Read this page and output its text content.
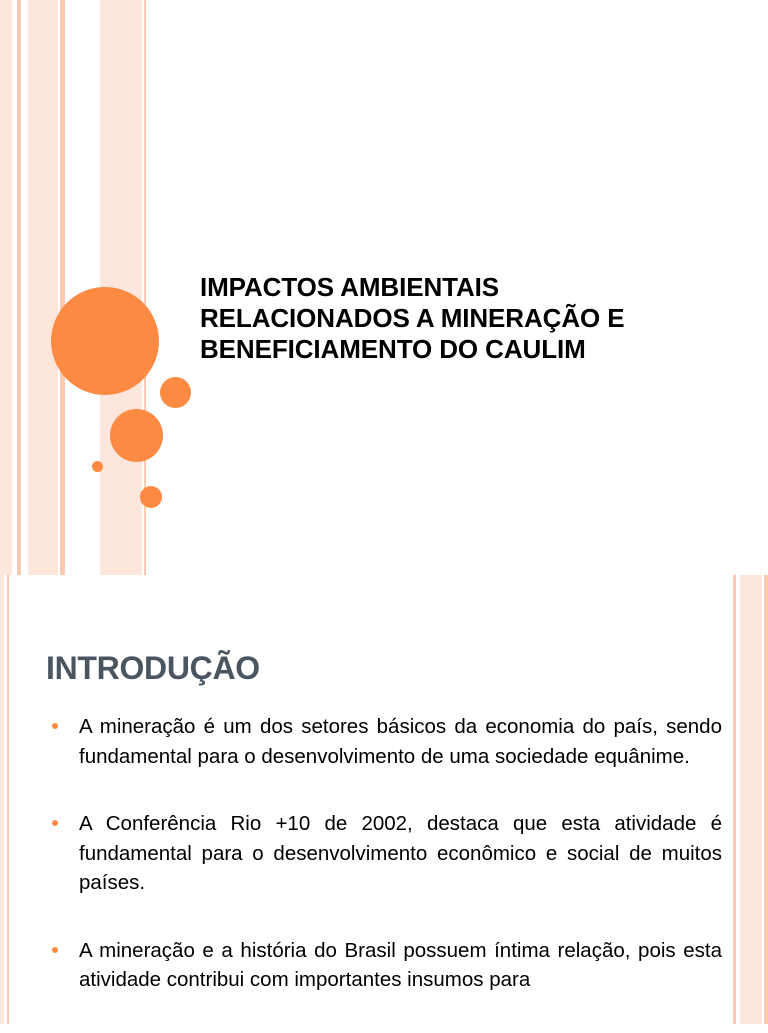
IMPACTOS AMBIENTAIS
RELACIONADOS A MINERAÇÃO E
BENEFICIAMENTO DO CAULIM
INTRODUÇÃO
A mineração é um dos setores básicos da economia do país, sendo fundamental para o desenvolvimento de uma sociedade equânime.
A Conferência Rio +10 de 2002, destaca que esta atividade é fundamental para o desenvolvimento econômico e social de muitos países.
A mineração e a história do Brasil possuem íntima relação, pois esta atividade contribui com importantes insumos para
